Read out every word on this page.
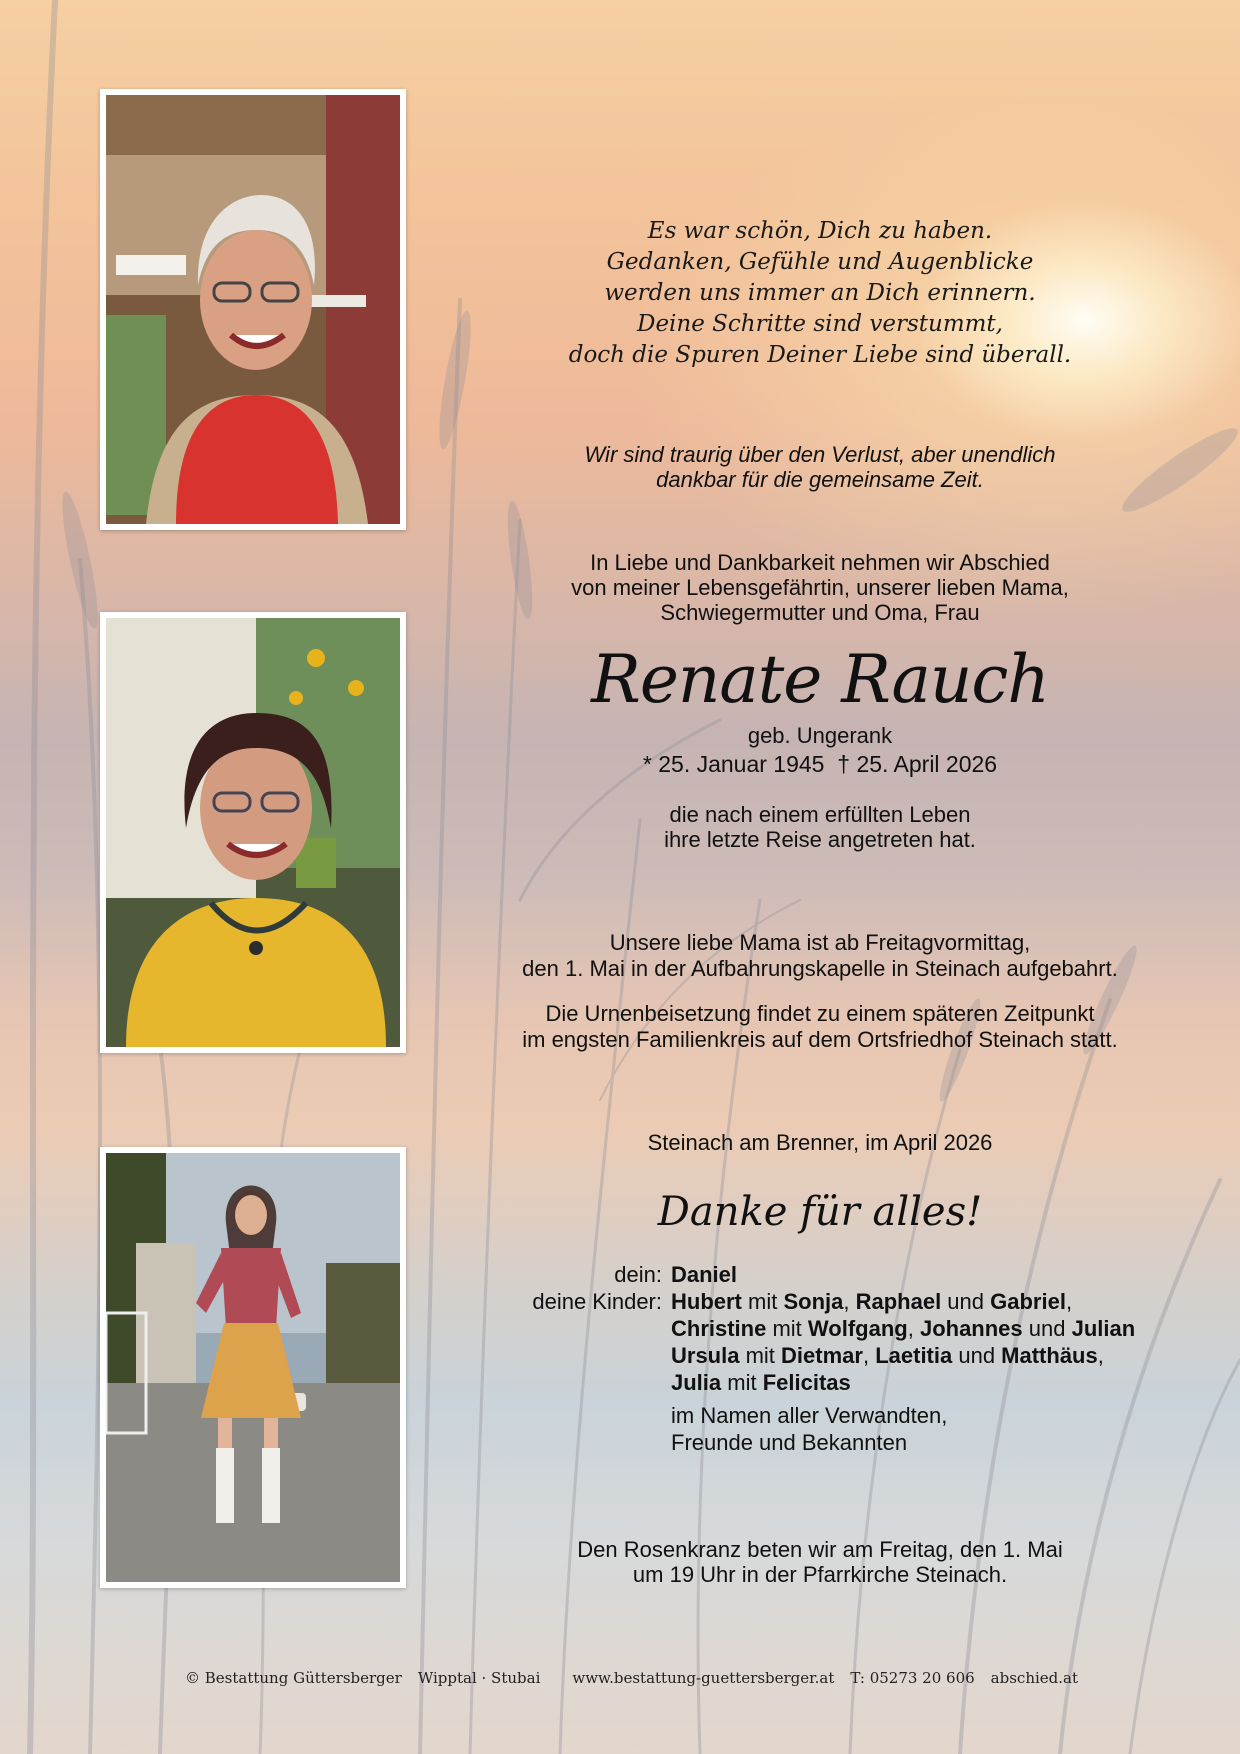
Es war schön, Dich zu haben.
Gedanken, Gefühle und Augenblicke
werden uns immer an Dich erinnern.
Deine Schritte sind verstummt,
doch die Spuren Deiner Liebe sind überall.
Wir sind traurig über den Verlust, aber unendlich
dankbar für die gemeinsame Zeit.
In Liebe und Dankbarkeit nehmen wir Abschied
von meiner Lebensgefährtin, unserer lieben Mama,
Schwiegermutter und Oma, Frau
Renate Rauch
geb. Ungerank
* 25. Januar 1945  † 25. April 2026
die nach einem erfüllten Leben
ihre letzte Reise angetreten hat.
Unsere liebe Mama ist ab Freitagvormittag,
den 1. Mai in der Aufbahrungskapelle in Steinach aufgebahrt.
Die Urnenbeisetzung findet zu einem späteren Zeitpunkt
im engsten Familienkreis auf dem Ortsfriedhof Steinach statt.
Steinach am Brenner, im April 2026
Danke für alles!
dein: Daniel
deine Kinder: Hubert mit Sonja, Raphael und Gabriel,
Christine mit Wolfgang, Johannes und Julian
Ursula mit Dietmar, Laetitia und Matthäus,
Julia mit Felicitas
im Namen aller Verwandten,
Freunde und Bekannten
Den Rosenkranz beten wir am Freitag, den 1. Mai
um 19 Uhr in der Pfarrkirche Steinach.
© Bestattung Güttersberger Wipptal · Stubai www.bestattung-guettersberger.at T: 05273 20 606 abschied.at
